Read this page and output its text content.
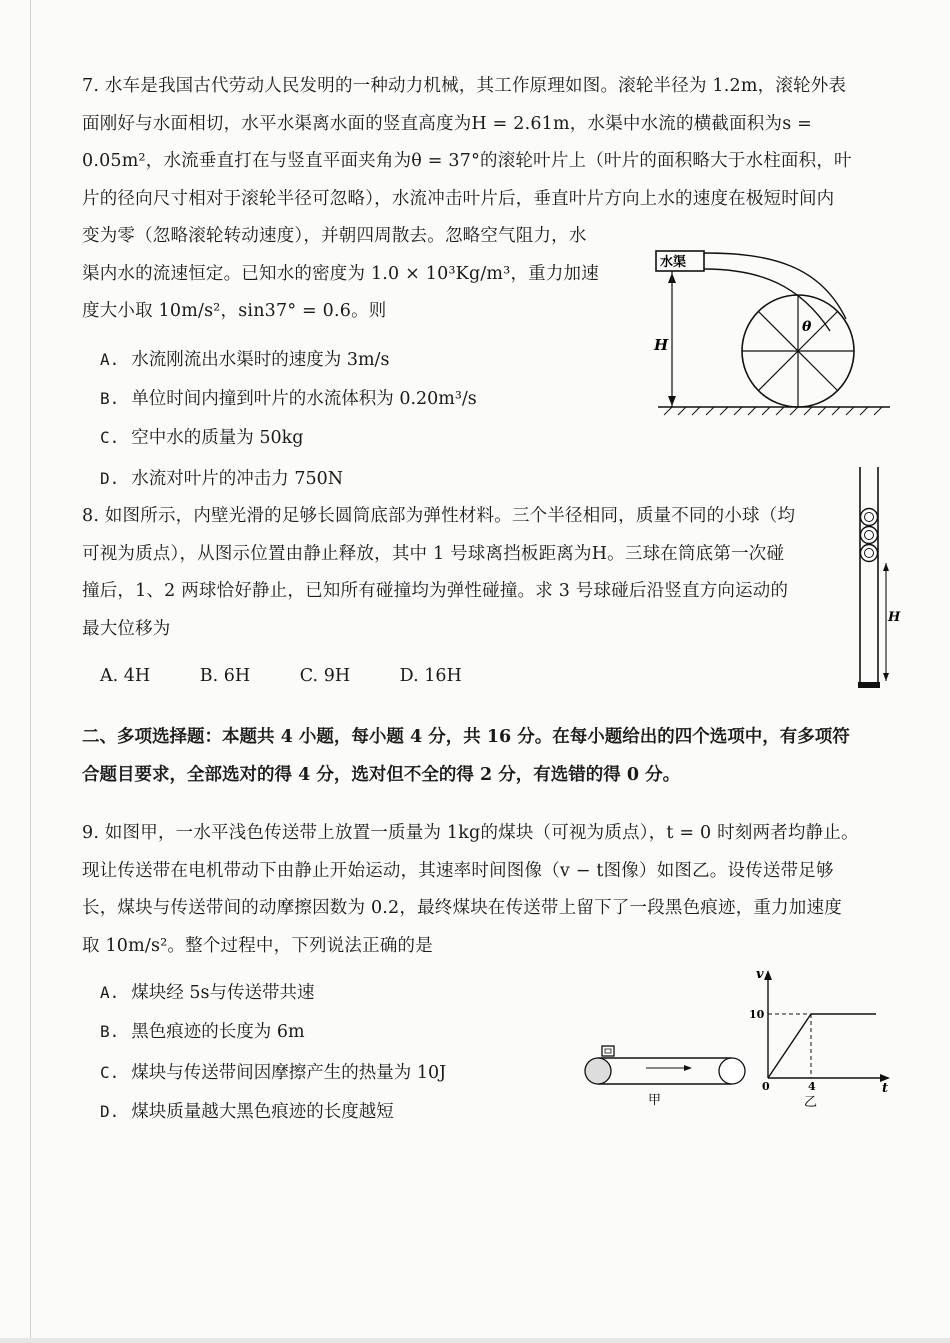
7. 水车是我国古代劳动人民发明的一种动力机械，其工作原理如图。滚轮半径为 1.2m，滚轮外表
面刚好与水面相切，水平水渠离水面的竖直高度为H = 2.61m，水渠中水流的横截面积为s =
0.05m²，水流垂直打在与竖直平面夹角为θ = 37°的滚轮叶片上（叶片的面积略大于水柱面积，叶
片的径向尺寸相对于滚轮半径可忽略），水流冲击叶片后，垂直叶片方向上水的速度在极短时间内
变为零（忽略滚轮转动速度），并朝四周散去。忽略空气阻力，水
渠内水的流速恒定。已知水的密度为 1.0 × 10³Kg/m³，重力加速
度大小取 10m/s²，sin37° = 0.6。则
A. 水流刚流出水渠时的速度为 3m/s
B. 单位时间内撞到叶片的水流体积为 0.20m³/s
C. 空中水的质量为 50kg
D. 水流对叶片的冲击力 750N
水渠
H
θ
8. 如图所示，内壁光滑的足够长圆筒底部为弹性材料。三个半径相同，质量不同的小球（均
可视为质点），从图示位置由静止释放，其中 1 号球离挡板距离为H。三球在筒底第一次碰
撞后，1、2 两球恰好静止，已知所有碰撞均为弹性碰撞。求 3 号球碰后沿竖直方向运动的
最大位移为
A. 4H	B. 6H	C. 9H	D. 16H
H
二、多项选择题：本题共 4 小题，每小题 4 分，共 16 分。在每小题给出的四个选项中，有多项符
合题目要求，全部选对的得 4 分，选对但不全的得 2 分，有选错的得 0 分。
9. 如图甲，一水平浅色传送带上放置一质量为 1kg的煤块（可视为质点），t = 0 时刻两者均静止。
现让传送带在电机带动下由静止开始运动，其速率时间图像（v − t图像）如图乙。设传送带足够
长，煤块与传送带间的动摩擦因数为 0.2，最终煤块在传送带上留下了一段黑色痕迹，重力加速度
取 10m/s²。整个过程中，下列说法正确的是
A. 煤块经 5s与传送带共速
B. 黑色痕迹的长度为 6m
C. 煤块与传送带间因摩擦产生的热量为 10J
D. 煤块质量越大黑色痕迹的长度越短
甲
v
t
0
10
4
乙
